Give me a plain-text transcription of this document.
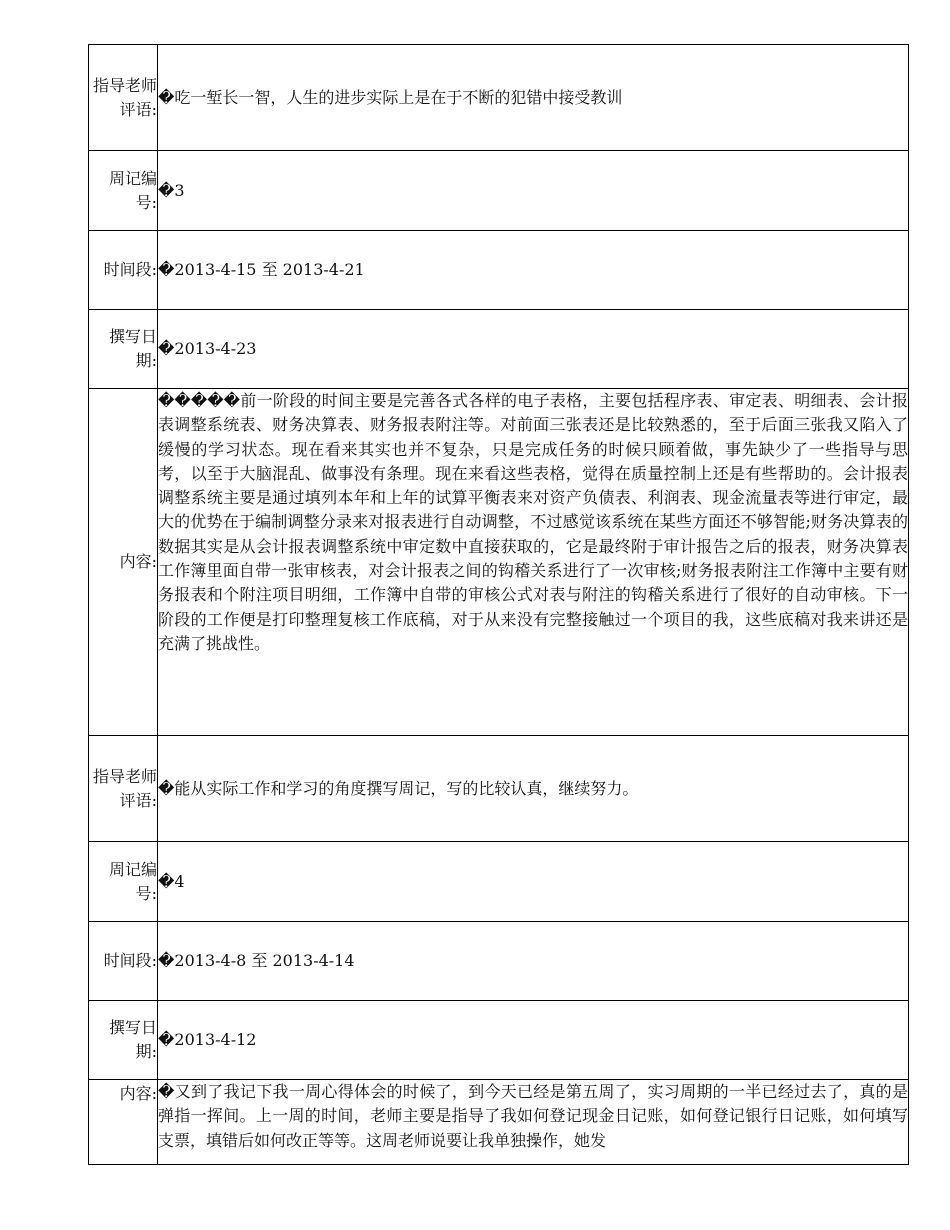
指导老师评语:	�吃一堑长一智，人生的进步实际上是在于不断的犯错中接受教训
周记编号:	�3
时间段:	�2013-4-15 至 2013-4-21
撰写日期:	�2013-4-23
内容:	�����前一阶段的时间主要是完善各式各样的电子表格，主要包括程序表、审定表、明细表、会计报表调整系统表、财务决算表、财务报表附注等。对前面三张表还是比较熟悉的，至于后面三张我又陷入了缓慢的学习状态。现在看来其实也并不复杂，只是完成任务的时候只顾着做，事先缺少了一些指导与思考，以至于大脑混乱、做事没有条理。现在来看这些表格，觉得在质量控制上还是有些帮助的。会计报表调整系统主要是通过填列本年和上年的试算平衡表来对资产负债表、利润表、现金流量表等进行审定，最大的优势在于编制调整分录来对报表进行自动调整，不过感觉该系统在某些方面还不够智能;财务决算表的数据其实是从会计报表调整系统中审定数中直接获取的，它是最终附于审计报告之后的报表，财务决算表工作簿里面自带一张审核表，对会计报表之间的钩稽关系进行了一次审核;财务报表附注工作簿中主要有财务报表和个附注项目明细，工作簿中自带的审核公式对表与附注的钩稽关系进行了很好的自动审核。下一阶段的工作便是打印整理复核工作底稿，对于从来没有完整接触过一个项目的我，这些底稿对我来讲还是充满了挑战性。
指导老师评语:	�能从实际工作和学习的角度撰写周记，写的比较认真，继续努力。
周记编号:	�4
时间段:	�2013-4-8 至 2013-4-14
撰写日期:	�2013-4-12
内容:	�又到了我记下我一周心得体会的时候了，到今天已经是第五周了，实习周期的一半已经过去了，真的是弹指一挥间。上一周的时间，老师主要是指导了我如何登记现金日记账，如何登记银行日记账，如何填写支票，填错后如何改正等等。这周老师说要让我单独操作，她发
